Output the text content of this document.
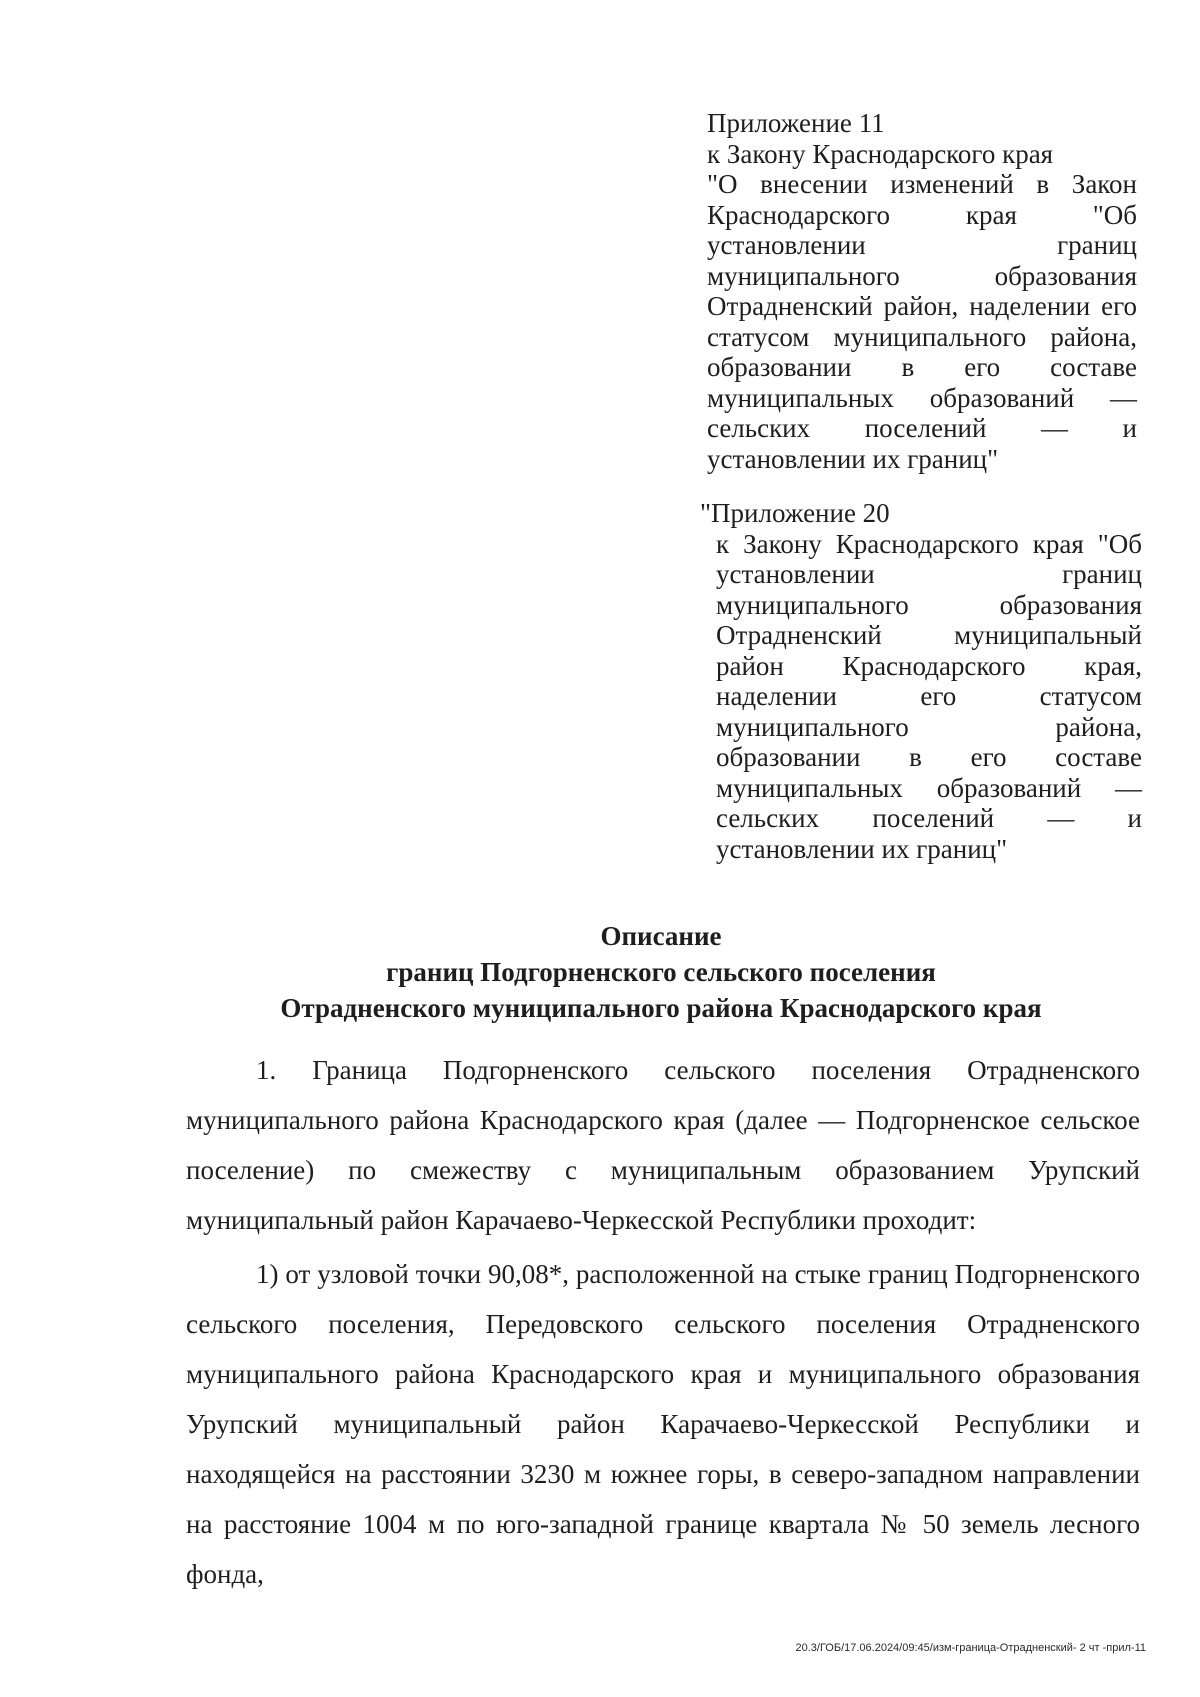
Приложение 11
к Закону Краснодарского края
"О внесении изменений в Закон Краснодарского края "Об установлении границ муниципального образования Отрадненский район, наделении его статусом муниципального района, образовании в его составе муниципальных образований — сельских поселений — и установлении их границ"
"Приложение 20
к Закону Краснодарского края "Об установлении границ муниципального образования Отрадненский муниципальный район Краснодарского края, наделении его статусом муниципального района, образовании в его составе муниципальных образований — сельских поселений — и установлении их границ"
Описание
границ Подгорненского сельского поселения
Отрадненского муниципального района Краснодарского края

1. Граница Подгорненского сельского поселения Отрадненского муниципального района Краснодарского края (далее — Подгорненское сельское поселение) по смежеству с муниципальным образованием Урупский муниципальный район Карачаево-Черкесской Республики проходит:

1) от узловой точки 90,08*, расположенной на стыке границ Подгорненского сельского поселения, Передовского сельского поселения Отрадненского муниципального района Краснодарского края и муниципального образования Урупский муниципальный район Карачаево-Черкесской Республики и находящейся на расстоянии 3230 м южнее горы, в северо-западном направлении на расстояние 1004 м по юго-западной границе квартала № 50 земель лесного фонда,

20.3/ГОБ/17.06.2024/09:45/изм-граница-Отрадненский- 2 чт -прил-11
